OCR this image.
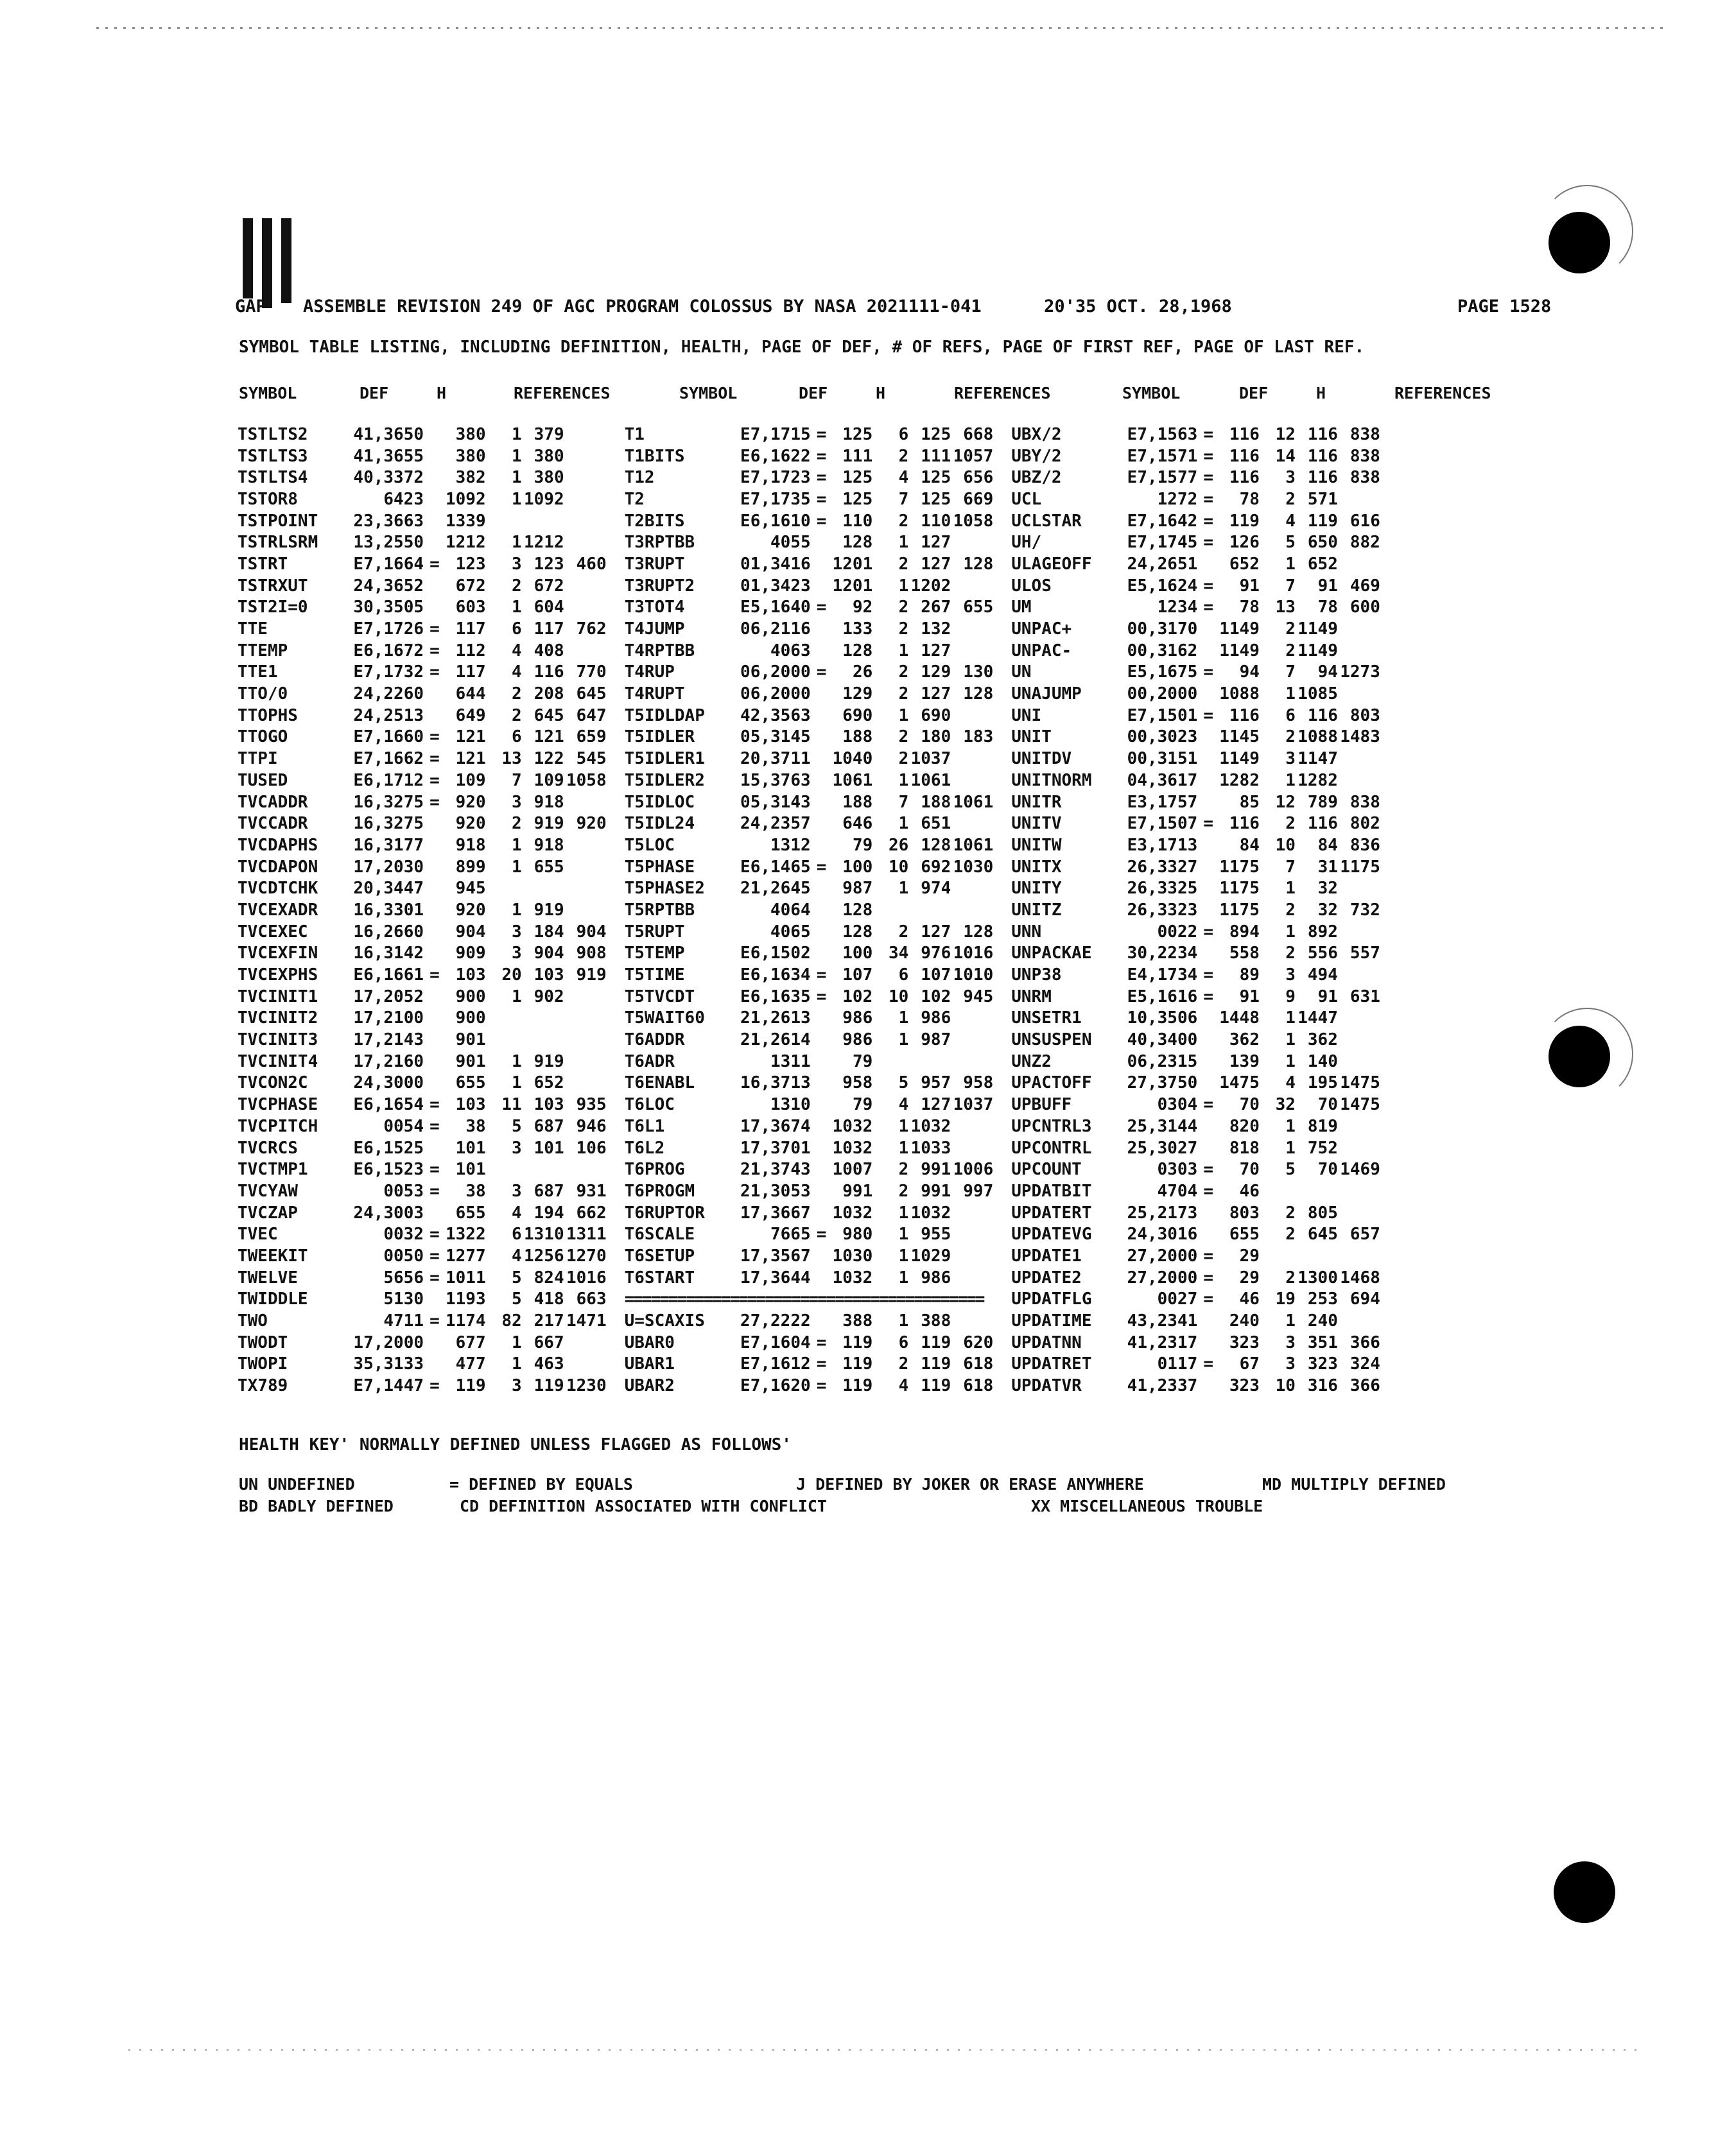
GAP ASSEMBLE REVISION 249 OF AGC PROGRAM COLOSSUS BY NASA 2021111-041      20'35 OCT. 28,1968	PAGE 1528
SYMBOL TABLE LISTING, INCLUDING DEFINITION, HEALTH, PAGE OF DEF, # OF REFS, PAGE OF FIRST REF, PAGE OF LAST REF.
SYMBOL	DEF	H	REFERENCES	SYMBOL	DEF	H	REFERENCES	SYMBOL	DEF	H	REFERENCES
TSTLTS2	41,3650		380	1	379			T1	E7,1715	=	125	6	125	668		UBX/2	E7,1563	=	116	12	116	838
TSTLTS3	41,3655		380	1	380			T1BITS	E6,1622	=	111	2	111	1057		UBY/2	E7,1571	=	116	14	116	838
TSTLTS4	40,3372		382	1	380			T12	E7,1723	=	125	4	125	656		UBZ/2	E7,1577	=	116	3	116	838
TSTOR8	6423		1092	1	1092			T2	E7,1735	=	125	7	125	669		UCL	1272	=	78	2	571	
TSTPOINT	23,3663		1339					T2BITS	E6,1610	=	110	2	110	1058		UCLSTAR	E7,1642	=	119	4	119	616
TSTRLSRM	13,2550		1212	1	1212			T3RPTBB	4055		128	1	127			UH/	E7,1745	=	126	5	650	882
TSTRT	E7,1664	=	123	3	123	460		T3RUPT	01,3416		1201	2	127	128		ULAGEOFF	24,2651		652	1	652	
TSTRXUT	24,3652		672	2	672			T3RUPT2	01,3423		1201	1	1202			ULOS	E5,1624	=	91	7	91	469
TST2I=0	30,3505		603	1	604			T3TOT4	E5,1640	=	92	2	267	655		UM	1234	=	78	13	78	600
TTE	E7,1726	=	117	6	117	762		T4JUMP	06,2116		133	2	132			UNPAC+	00,3170		1149	2	1149	
TTEMP	E6,1672	=	112	4	408			T4RPTBB	4063		128	1	127			UNPAC-	00,3162		1149	2	1149	
TTE1	E7,1732	=	117	4	116	770		T4RUP	06,2000	=	26	2	129	130		UN	E5,1675	=	94	7	94	1273
TTO/0	24,2260		644	2	208	645		T4RUPT	06,2000		129	2	127	128		UNAJUMP	00,2000		1088	1	1085	
TTOPHS	24,2513		649	2	645	647		T5IDLDAP	42,3563		690	1	690			UNI	E7,1501	=	116	6	116	803
TTOGO	E7,1660	=	121	6	121	659		T5IDLER	05,3145		188	2	180	183		UNIT	00,3023		1145	2	1088	1483
TTPI	E7,1662	=	121	13	122	545		T5IDLER1	20,3711		1040	2	1037			UNITDV	00,3151		1149	3	1147	
TUSED	E6,1712	=	109	7	109	1058		T5IDLER2	15,3763		1061	1	1061			UNITNORM	04,3617		1282	1	1282	
TVCADDR	16,3275	=	920	3	918			T5IDLOC	05,3143		188	7	188	1061		UNITR	E3,1757		85	12	789	838
TVCCADR	16,3275		920	2	919	920		T5IDL24	24,2357		646	1	651			UNITV	E7,1507	=	116	2	116	802
TVCDAPHS	16,3177		918	1	918			T5LOC	1312		79	26	128	1061		UNITW	E3,1713		84	10	84	836
TVCDAPON	17,2030		899	1	655			T5PHASE	E6,1465	=	100	10	692	1030		UNITX	26,3327		1175	7	31	1175
TVCDTCHK	20,3447		945					T5PHASE2	21,2645		987	1	974			UNITY	26,3325		1175	1	32	
TVCEXADR	16,3301		920	1	919			T5RPTBB	4064		128					UNITZ	26,3323		1175	2	32	732
TVCEXEC	16,2660		904	3	184	904		T5RUPT	4065		128	2	127	128		UNN	0022	=	894	1	892	
TVCEXFIN	16,3142		909	3	904	908		T5TEMP	E6,1502		100	34	976	1016		UNPACKAE	30,2234		558	2	556	557
TVCEXPHS	E6,1661	=	103	20	103	919		T5TIME	E6,1634	=	107	6	107	1010		UNP38	E4,1734	=	89	3	494	
TVCINIT1	17,2052		900	1	902			T5TVCDT	E6,1635	=	102	10	102	945		UNRM	E5,1616	=	91	9	91	631
TVCINIT2	17,2100		900					T5WAIT60	21,2613		986	1	986			UNSETR1	10,3506		1448	1	1447	
TVCINIT3	17,2143		901					T6ADDR	21,2614		986	1	987			UNSUSPEN	40,3400		362	1	362	
TVCINIT4	17,2160		901	1	919			T6ADR	1311		79					UNZ2	06,2315		139	1	140	
TVCON2C	24,3000		655	1	652			T6ENABL	16,3713		958	5	957	958		UPACTOFF	27,3750		1475	4	195	1475
TVCPHASE	E6,1654	=	103	11	103	935		T6LOC	1310		79	4	127	1037		UPBUFF	0304	=	70	32	70	1475
TVCPITCH	0054	=	38	5	687	946		T6L1	17,3674		1032	1	1032			UPCNTRL3	25,3144		820	1	819	
TVCRCS	E6,1525		101	3	101	106		T6L2	17,3701		1032	1	1033			UPCONTRL	25,3027		818	1	752	
TVCTMP1	E6,1523	=	101					T6PROG	21,3743		1007	2	991	1006		UPCOUNT	0303	=	70	5	70	1469
TVCYAW	0053	=	38	3	687	931		T6PROGM	21,3053		991	2	991	997		UPDATBIT	4704	=	46			
TVCZAP	24,3003		655	4	194	662		T6RUPTOR	17,3667		1032	1	1032			UPDATERT	25,2173		803	2	805	
TVEC	0032	=	1322	6	1310	1311		T6SCALE	7665	=	980	1	955			UPDATEVG	24,3016		655	2	645	657
TWEEKIT	0050	=	1277	4	1256	1270		T6SETUP	17,3567		1030	1	1029			UPDATE1	27,2000	=	29			
TWELVE	5656	=	1011	5	824	1016		T6START	17,3644		1032	1	986			UPDATE2	27,2000	=	29	2	1300	1468
TWIDDLE	5130		1193	5	418	663		=========================================								UPDATFLG	0027	=	46	19	253	694
TWO	4711	=	1174	82	217	1471		U=SCAXIS	27,2222		388	1	388			UPDATIME	43,2341		240	1	240	
TWODT	17,2000		677	1	667			UBAR0	E7,1604	=	119	6	119	620		UPDATNN	41,2317		323	3	351	366
TWOPI	35,3133		477	1	463			UBAR1	E7,1612	=	119	2	119	618		UPDATRET	0117	=	67	3	323	324
TX789	E7,1447	=	119	3	119	1230		UBAR2	E7,1620	=	119	4	119	618		UPDATVR	41,2337		323	10	316	366
HEALTH KEY' NORMALLY DEFINED UNLESS FLAGGED AS FOLLOWS'
UN UNDEFINED	= DEFINED BY EQUALS	J DEFINED BY JOKER OR ERASE ANYWHERE	MD MULTIPLY DEFINED
BD BADLY DEFINED	CD DEFINITION ASSOCIATED WITH CONFLICT	XX MISCELLANEOUS TROUBLE
